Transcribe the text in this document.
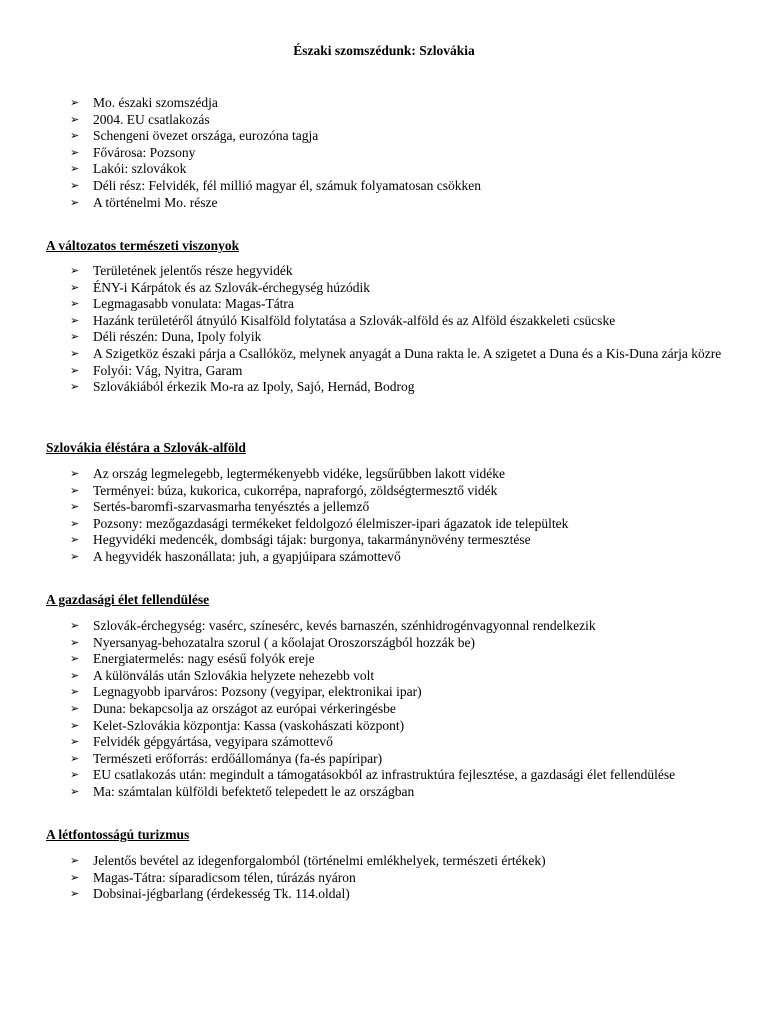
Északi szomszédunk: Szlovákia
➢ Mo. északi szomszédja
➢ 2004. EU csatlakozás
➢ Schengeni övezet országa, eurozóna tagja
➢ Fővárosa: Pozsony
➢ Lakói: szlovákok
➢ Déli rész: Felvidék, fél millió magyar él, számuk folyamatosan csökken
➢ A történelmi Mo. része
A változatos természeti viszonyok
➢ Területének jelentős része hegyvidék
➢ ÉNY-i Kárpátok és az Szlovák-érchegység húzódik
➢ Legmagasabb vonulata: Magas-Tátra
➢ Hazánk területéről átnyúló Kisalföld folytatása a Szlovák-alföld és az Alföld északkeleti csücske
➢ Déli részén: Duna, Ipoly folyik
➢ A Szigetköz északi párja a Csallóköz, melynek anyagát a Duna rakta le. A szigetet a Duna és a Kis-Duna zárja közre
➢ Folyói: Vág, Nyitra, Garam
➢ Szlovákiából érkezik Mo-ra az Ipoly, Sajó, Hernád, Bodrog
Szlovákia éléstára a Szlovák-alföld
➢ Az ország legmelegebb, legtermékenyebb vidéke, legsűrűbben lakott vidéke
➢ Terményei: búza, kukorica, cukorrépa, napraforgó, zöldségtermesztő vidék
➢ Sertés-baromfi-szarvasmarha tenyésztés a jellemző
➢ Pozsony: mezőgazdasági termékeket feldolgozó élelmiszer-ipari ágazatok ide települtek
➢ Hegyvidéki medencék, dombsági tájak: burgonya, takarmánynövény termesztése
➢ A hegyvidék haszonállata: juh, a gyapjúipara számottevő
A gazdasági élet fellendülése
➢ Szlovák-érchegység: vasérc, színesérc, kevés barnaszén, szénhidrogénvagyonnal rendelkezik
➢ Nyersanyag-behozatalra szorul ( a kőolajat Oroszországból hozzák be)
➢ Energiatermelés: nagy esésű folyók ereje
➢ A különválás után Szlovákia helyzete nehezebb volt
➢ Legnagyobb iparváros: Pozsony (vegyipar, elektronikai ipar)
➢ Duna: bekapcsolja az országot az európai vérkeringésbe
➢ Kelet-Szlovákia központja: Kassa (vaskohászati központ)
➢ Felvidék gépgyártása, vegyipara számottevő
➢ Természeti erőforrás: erdőállománya (fa-és papíripar)
➢ EU csatlakozás után: megindult a támogatásokból az infrastruktúra fejlesztése, a gazdasági élet fellendülése
➢ Ma: számtalan külföldi befektető telepedett le az országban
A létfontosságú turizmus
➢ Jelentős bevétel az idegenforgalomból (történelmi emlékhelyek, természeti értékek)
➢ Magas-Tátra: síparadicsom télen, túrázás nyáron
➢ Dobsinai-jégbarlang (érdekesség Tk. 114.oldal)
